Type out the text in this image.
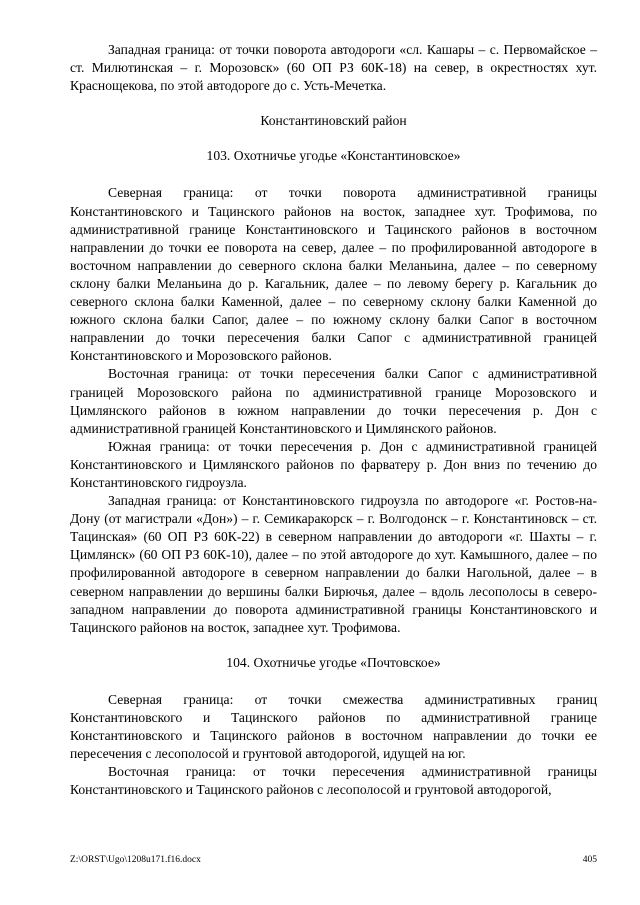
Западная граница: от точки поворота автодороги «сл. Кашары – с. Первомайское – ст. Милютинская – г. Морозовск» (60 ОП РЗ 60К-18) на север, в окрестностях хут. Краснощекова, по этой автодороге до с. Усть-Мечетка.

Константиновский район

103. Охотничье угодье «Константиновское»

Северная граница: от точки поворота административной границы Константиновского и Тацинского районов на восток, западнее хут. Трофимова, по административной границе Константиновского и Тацинского районов в восточном направлении до точки ее поворота на север, далее – по профилированной автодороге в восточном направлении до северного склона балки Меланьина, далее – по северному склону балки Меланьина до р. Кагальник, далее – по левому берегу р. Кагальник до северного склона балки Каменной, далее – по северному склону балки Каменной до южного склона балки Сапог, далее – по южному склону балки Сапог в восточном направлении до точки пересечения балки Сапог с административной границей Константиновского и Морозовского районов.

Восточная граница: от точки пересечения балки Сапог с административной границей Морозовского района по административной границе Морозовского и Цимлянского районов в южном направлении до точки пересечения р. Дон с административной границей Константиновского и Цимлянского районов.

Южная граница: от точки пересечения р. Дон с административной границей Константиновского и Цимлянского районов по фарватеру р. Дон вниз по течению до Константиновского гидроузла.

Западная граница: от Константиновского гидроузла по автодороге «г. Ростов-на-Дону (от магистрали «Дон») – г. Семикаракорск – г. Волгодонск – г. Константиновск – ст. Тацинская» (60 ОП РЗ 60К-22) в северном направлении до автодороги «г. Шахты – г. Цимлянск» (60 ОП РЗ 60К-10), далее – по этой автодороге до хут. Камышного, далее – по профилированной автодороге в северном направлении до балки Нагольной, далее – в северном направлении до вершины балки Бирючья, далее – вдоль лесополосы в северо-западном направлении до поворота административной границы Константиновского и Тацинского районов на восток, западнее хут. Трофимова.

104. Охотничье угодье «Почтовское»

Северная граница: от точки смежества административных границ Константиновского и Тацинского районов по административной границе Константиновского и Тацинского районов в восточном направлении до точки ее пересечения с лесополосой и грунтовой автодорогой, идущей на юг.

Восточная граница: от точки пересечения административной границы Константиновского и Тацинского районов с лесополосой и грунтовой автодорогой,

Z:\ORST\Ugo\1208u171.f16.docx	405
